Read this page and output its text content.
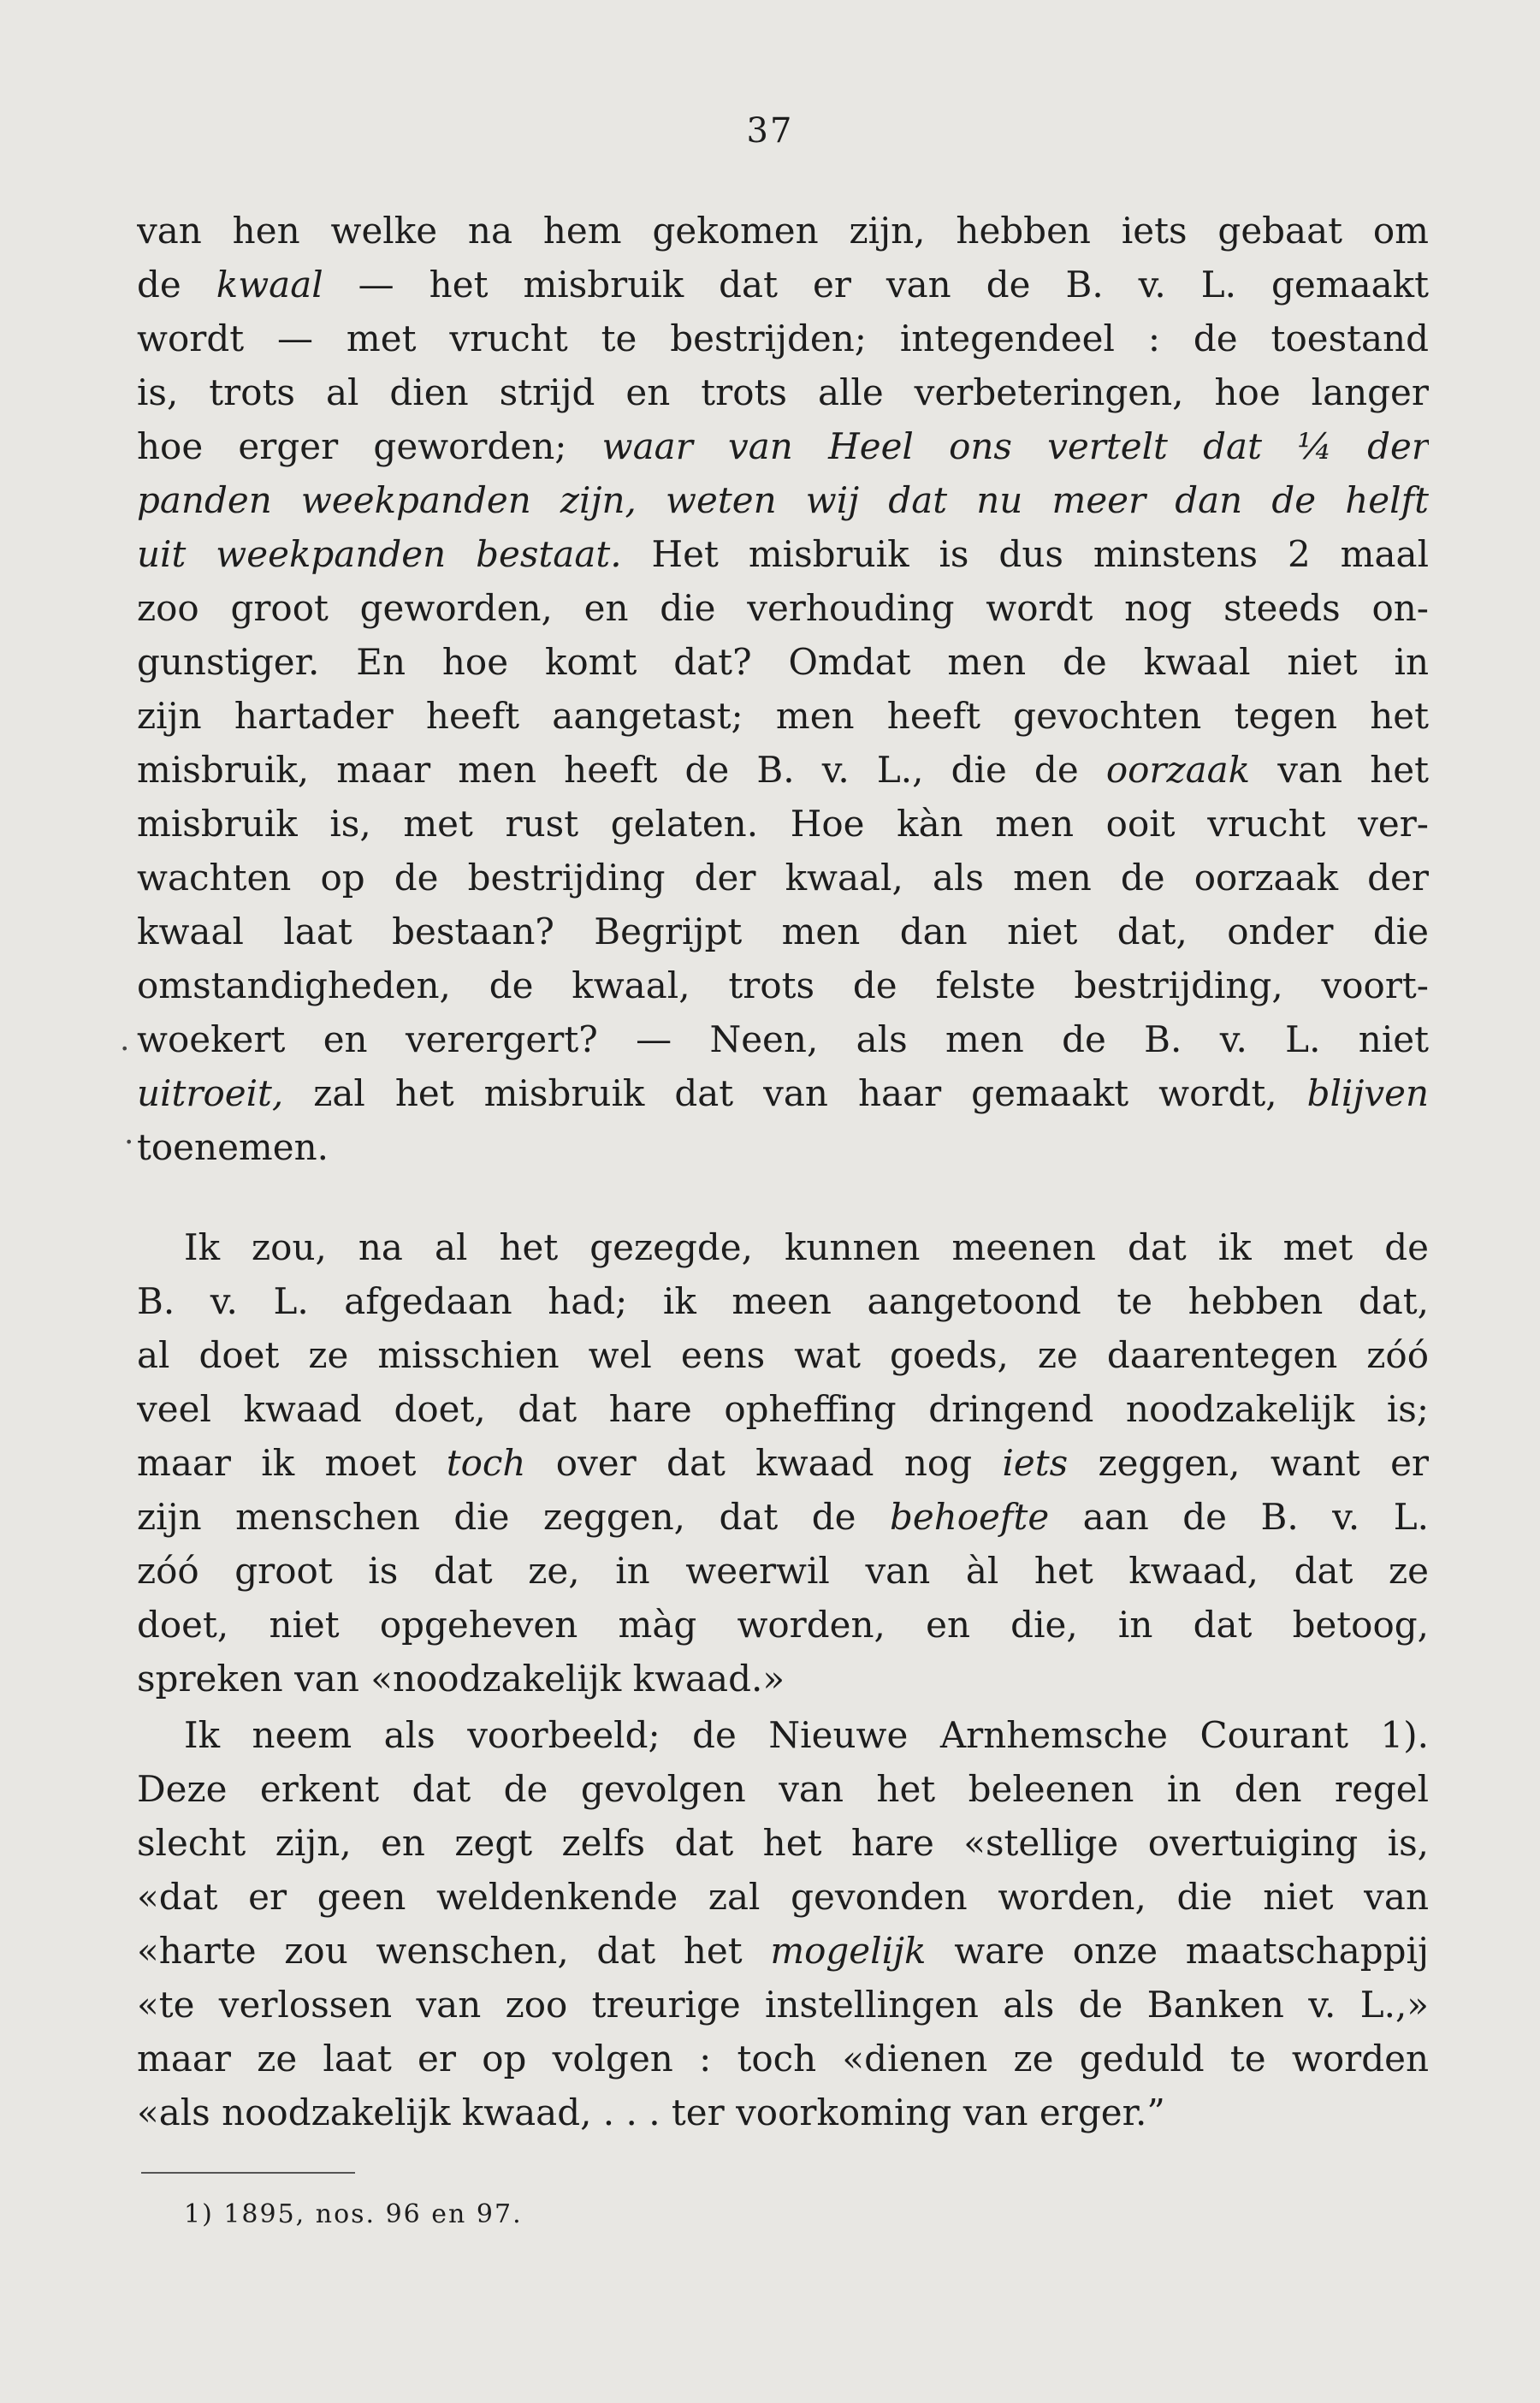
37
van hen welke na hem gekomen zijn, hebben iets gebaat om
de kwaal — het misbruik dat er van de B. v. L. gemaakt
wordt — met vrucht te bestrijden; integendeel : de toestand
is, trots al dien strijd en trots alle verbeteringen, hoe langer
hoe erger geworden; waar van Heel ons vertelt dat ¼ der
panden weekpanden zijn, weten wij dat nu meer dan de helft
uit weekpanden bestaat. Het misbruik is dus minstens 2 maal
zoo groot geworden, en die verhouding wordt nog steeds on-
gunstiger. En hoe komt dat? Omdat men de kwaal niet in
zijn hartader heeft aangetast; men heeft gevochten tegen het
misbruik, maar men heeft de B. v. L., die de oorzaak van het
misbruik is, met rust gelaten. Hoe kàn men ooit vrucht ver-
wachten op de bestrijding der kwaal, als men de oorzaak der
kwaal laat bestaan? Begrijpt men dan niet dat, onder die
omstandigheden, de kwaal, trots de felste bestrijding, voort-
woekert en verergert? — Neen, als men de B. v. L. niet
uitroeit, zal het misbruik dat van haar gemaakt wordt, blijven
toenemen.
Ik zou, na al het gezegde, kunnen meenen dat ik met de
B. v. L. afgedaan had; ik meen aangetoond te hebben dat,
al doet ze misschien wel eens wat goeds, ze daarentegen zóó
veel kwaad doet, dat hare opheffing dringend noodzakelijk is;
maar ik moet toch over dat kwaad nog iets zeggen, want er
zijn menschen die zeggen, dat de behoefte aan de B. v. L.
zóó groot is dat ze, in weerwil van àl het kwaad, dat ze
doet, niet opgeheven màg worden, en die, in dat betoog,
spreken van «noodzakelijk kwaad.»
Ik neem als voorbeeld; de Nieuwe Arnhemsche Courant 1).
Deze erkent dat de gevolgen van het beleenen in den regel
slecht zijn, en zegt zelfs dat het hare «stellige overtuiging is,
«dat er geen weldenkende zal gevonden worden, die niet van
«harte zou wenschen, dat het mogelijk ware onze maatschappij
«te verlossen van zoo treurige instellingen als de Banken v. L.,»
maar ze laat er op volgen : toch «dienen ze geduld te worden
«als noodzakelijk kwaad, . . . ter voorkoming van erger.”
1) 1895, nos. 96 en 97.
.
·
